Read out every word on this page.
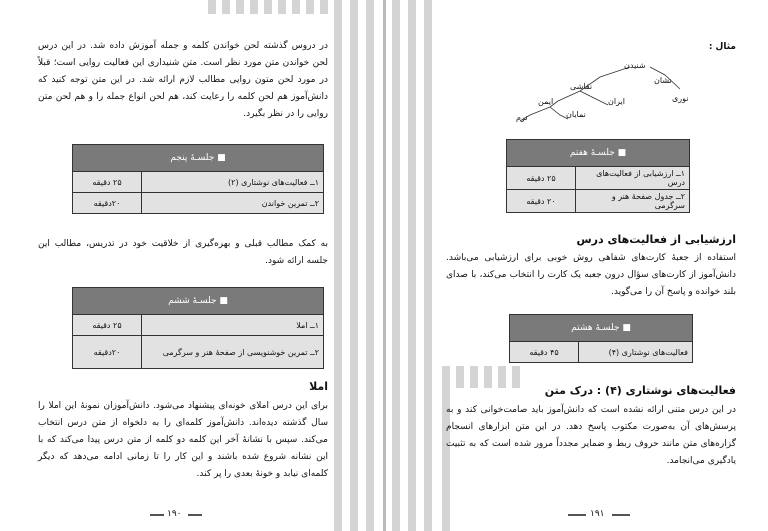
در دروس گذشته لحن خواندن کلمه و جمله آموزش داده شد. در این درس لحن خواندن متن مورد نظر است. متن شنیداری این فعالیت روایی است؛ قبلاً در مورد لحن متون روایی مطالب لازم ارائه شد. در این متن توجه کنید که دانش‌آموز هم لحن کلمه را رعایت کند، هم لحن انواع جمله را و هم لحن متن روایی را در نظر بگیرد.
■ جلسـهٔ پنجم	
۱ــ فعالیت‌های نوشتاری (۲)	۲۵ دقیقه
۲ــ تمرین خواندن	۲۰دقیقه
به کمک مطالب قبلی و بهره‌گیری از خلاقیت خود در تدریس، مطالب این جلسه ارائه شود.
■ جلسـهٔ ششم	
۱ــ املا	۲۵ دقیقه
۲ــ تمرین خوشنویسی از صفحهٔ هنر و سرگرمی	۲۰دقیقه
املا
برای این درس املای خونه‌ای پیشنهاد می‌شود. دانش‌آموزان نمونهٔ این املا را سال گذشته دیده‌اند. دانش‌آموز کلمه‌ای را به دلخواه از متن درس انتخاب می‌کند. سپس با نشانهٔ آخر این کلمه دو کلمه از متن درس پیدا می‌کند که با این نشانه شروع شده باشند و این کار را تا زمانی ادامه می‌دهد که دیگر کلمه‌ای نیابد و خونهٔ بعدی را پر کند.
۱۹۰
مثال :
شنیدن
نشان
نقاشی
ایران	نوری
ایمن
نمایان
نرم
■ جلسـهٔ هفتم	
۱ــ ارزشیابی از فعالیت‌های درس	۲۵ دقیقه
۲ــ جدول صفحهٔ هنر و سرگرمی	۲۰ دقیقه
ارزشیابی از فعالیت‌های درس
استفاده از جعبهٔ کارت‌های شفاهی روش خوبی برای ارزشیابی می‌باشد. دانش‌آموز از کارت‌های سؤال درون جعبه یک کارت را انتخاب می‌کند، با صدای بلند خوانده و پاسخ آن را می‌گوید.
■ جلسـهٔ هشتم
فعالیت‌های نوشتاری (۴)	۴۵ دقیقه
فعالیت‌های نوشتاری (۴) : درک متن
در این درس متنی ارائه نشده است که دانش‌آموز باید صامت‌خوانی کند و به پرسش‌های آن به‌صورت مکتوب پاسخ دهد. در این متن ابزارهای انسجام گزاره‌های متن مانند حروف ربط و ضمایر مجدداً مرور شده است که به تثبیت یادگیری می‌انجامد.
۱۹۱
